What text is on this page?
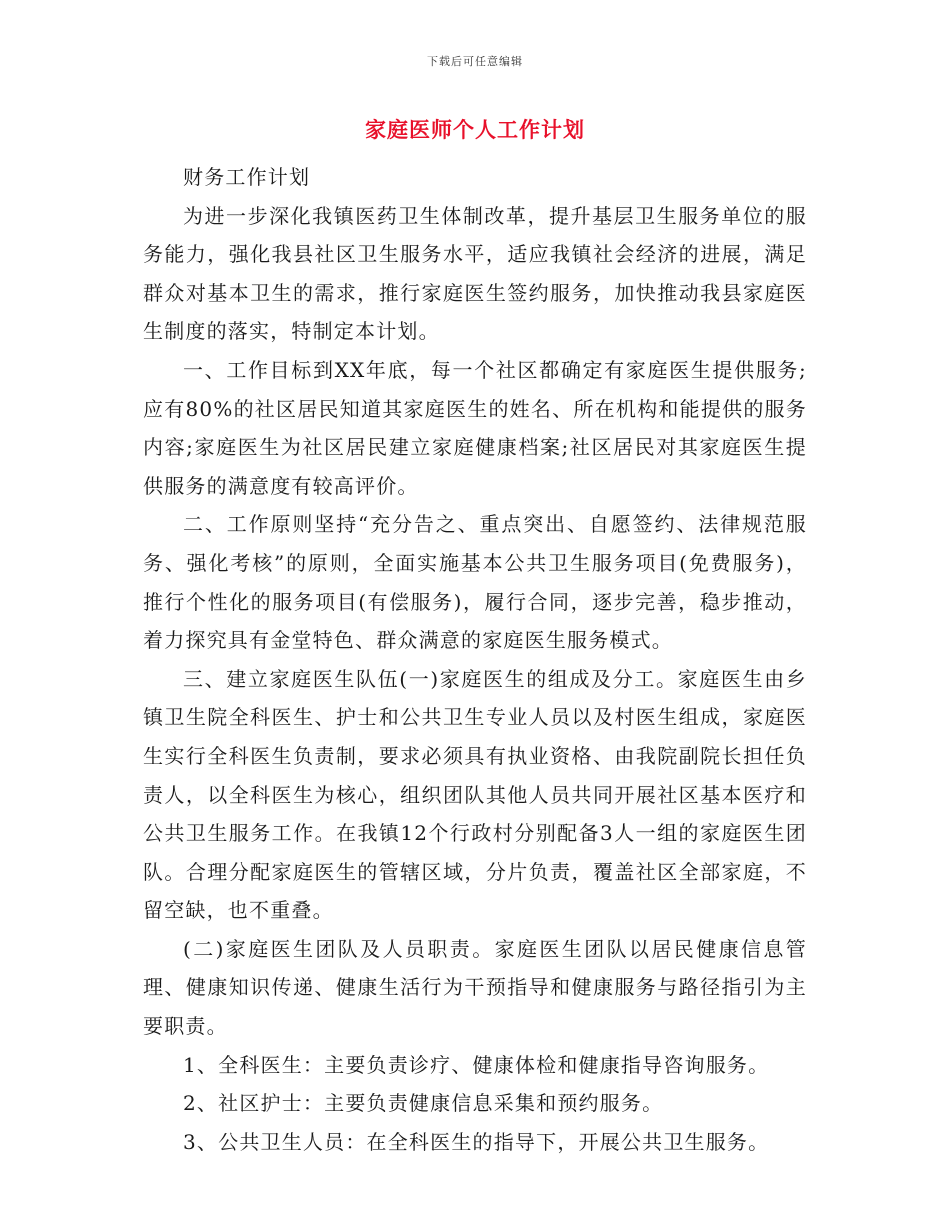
下载后可任意编辑
家庭医师个人工作计划

财务工作计划

为进一步深化我镇医药卫生体制改革，提升基层卫生服务单位的服务能力，强化我县社区卫生服务水平，适应我镇社会经济的进展，满足群众对基本卫生的需求，推行家庭医生签约服务，加快推动我县家庭医生制度的落实，特制定本计划。

一、工作目标到XX年底，每一个社区都确定有家庭医生提供服务;应有80%的社区居民知道其家庭医生的姓名、所在机构和能提供的服务内容;家庭医生为社区居民建立家庭健康档案;社区居民对其家庭医生提供服务的满意度有较高评价。

二、工作原则坚持“充分告之、重点突出、自愿签约、法律规范服务、强化考核”的原则，全面实施基本公共卫生服务项目(免费服务)，推行个性化的服务项目(有偿服务)，履行合同，逐步完善，稳步推动，着力探究具有金堂特色、群众满意的家庭医生服务模式。

三、建立家庭医生队伍(一)家庭医生的组成及分工。家庭医生由乡镇卫生院全科医生、护士和公共卫生专业人员以及村医生组成，家庭医生实行全科医生负责制，要求必须具有执业资格、由我院副院长担任负责人，以全科医生为核心，组织团队其他人员共同开展社区基本医疗和公共卫生服务工作。在我镇12个行政村分别配备3人一组的家庭医生团队。合理分配家庭医生的管辖区域，分片负责，覆盖社区全部家庭，不留空缺，也不重叠。

(二)家庭医生团队及人员职责。家庭医生团队以居民健康信息管理、健康知识传递、健康生活行为干预指导和健康服务与路径指引为主要职责。

1、全科医生：主要负责诊疗、健康体检和健康指导咨询服务。

2、社区护士：主要负责健康信息采集和预约服务。

3、公共卫生人员：在全科医生的指导下，开展公共卫生服务。
